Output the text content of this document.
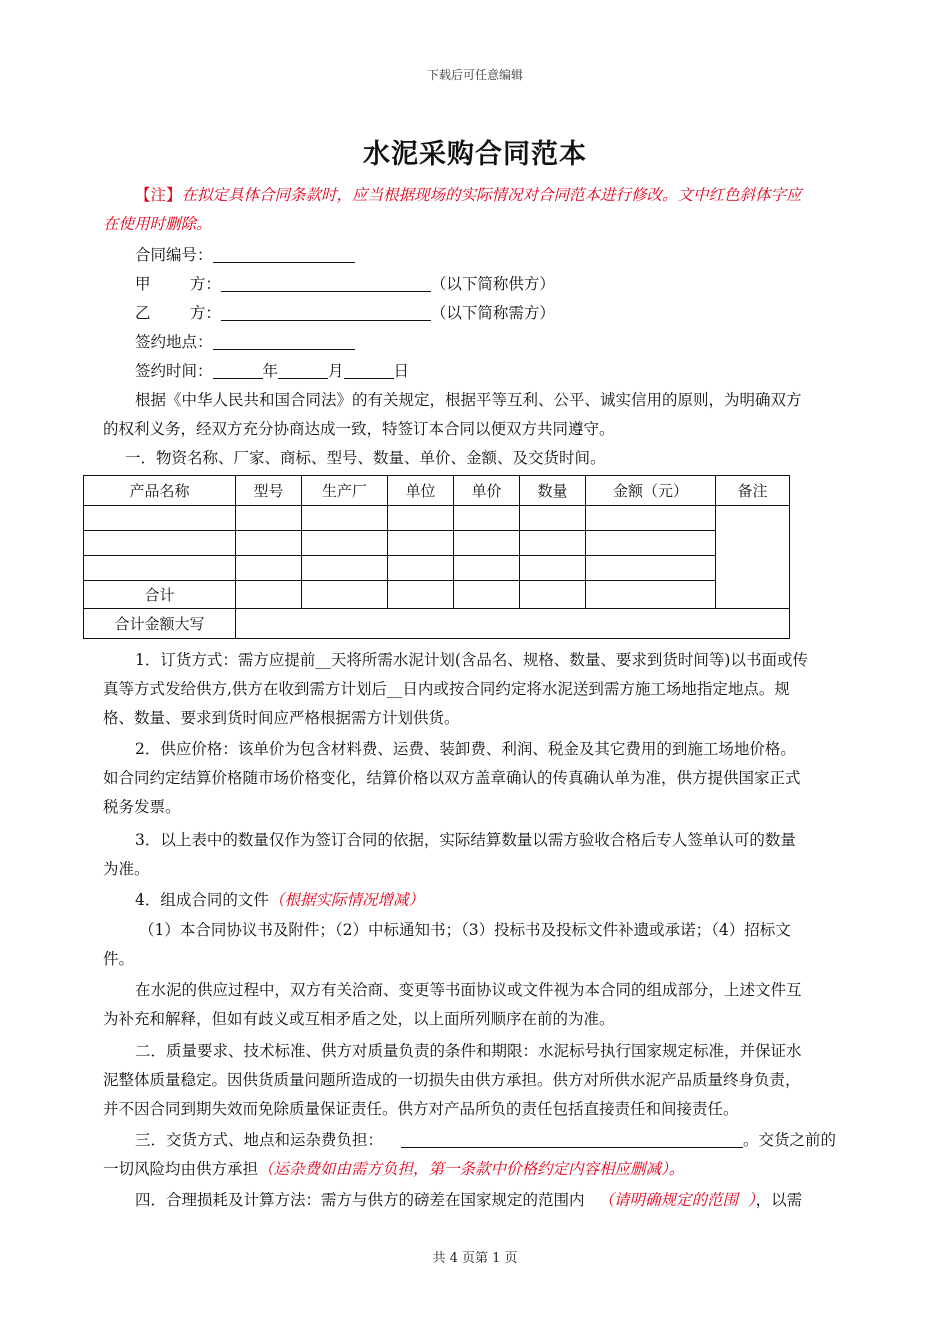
下载后可任意编辑
水泥采购合同范本
【注】在拟定具体合同条款时，应当根据现场的实际情况对合同范本进行修改。文中红色斜体字应
在使用时删除。
合同编号：
甲        方：	（以下简称供方）
乙        方：	（以下简称需方）
签约地点：
签约时间：	年	月	日
根据《中华人民共和国合同法》的有关规定，根据平等互利、公平、诚实信用的原则，为明确双方
的权利义务，经双方充分协商达成一致，特签订本合同以便双方共同遵守。
一．物资名称、厂家、商标、型号、数量、单价、金额、及交货时间。
产品名称	型号	生产厂	单位	单价	数量	金额（元）	备注

合计							
合计金额大写							
1．订货方式：需方应提前__天将所需水泥计划(含品名、规格、数量、要求到货时间等)以书面或传
真等方式发给供方,供方在收到需方计划后__日内或按合同约定将水泥送到需方施工场地指定地点。规
格、数量、要求到货时间应严格根据需方计划供货。
2．供应价格：该单价为包含材料费、运费、装卸费、利润、税金及其它费用的到施工场地价格。
如合同约定结算价格随市场价格变化，结算价格以双方盖章确认的传真确认单为准，供方提供国家正式
税务发票。
3．以上表中的数量仅作为签订合同的依据，实际结算数量以需方验收合格后专人签单认可的数量
为准。
4．组成合同的文件（根据实际情况增减）
（1）本合同协议书及附件；（2）中标通知书；（3）投标书及投标文件补遗或承诺；（4）招标文
件。
在水泥的供应过程中，双方有关洽商、变更等书面协议或文件视为本合同的组成部分，上述文件互
为补充和解释，但如有歧义或互相矛盾之处，以上面所列顺序在前的为准。
二．质量要求、技术标准、供方对质量负责的条件和期限：水泥标号执行国家规定标准，并保证水
泥整体质量稳定。因供货质量问题所造成的一切损失由供方承担。供方对所供水泥产品质量终身负责，
并不因合同到期失效而免除质量保证责任。供方对产品所负的责任包括直接责任和间接责任。
三．交货方式、地点和运杂费负担：	。交货之前的
一切风险均由供方承担（运杂费如由需方负担，第一条款中价格约定内容相应删减）。
四．合理损耗及计算方法：需方与供方的磅差在国家规定的范围内 （请明确规定的范围  ），以需
共 4 页第 1 页
